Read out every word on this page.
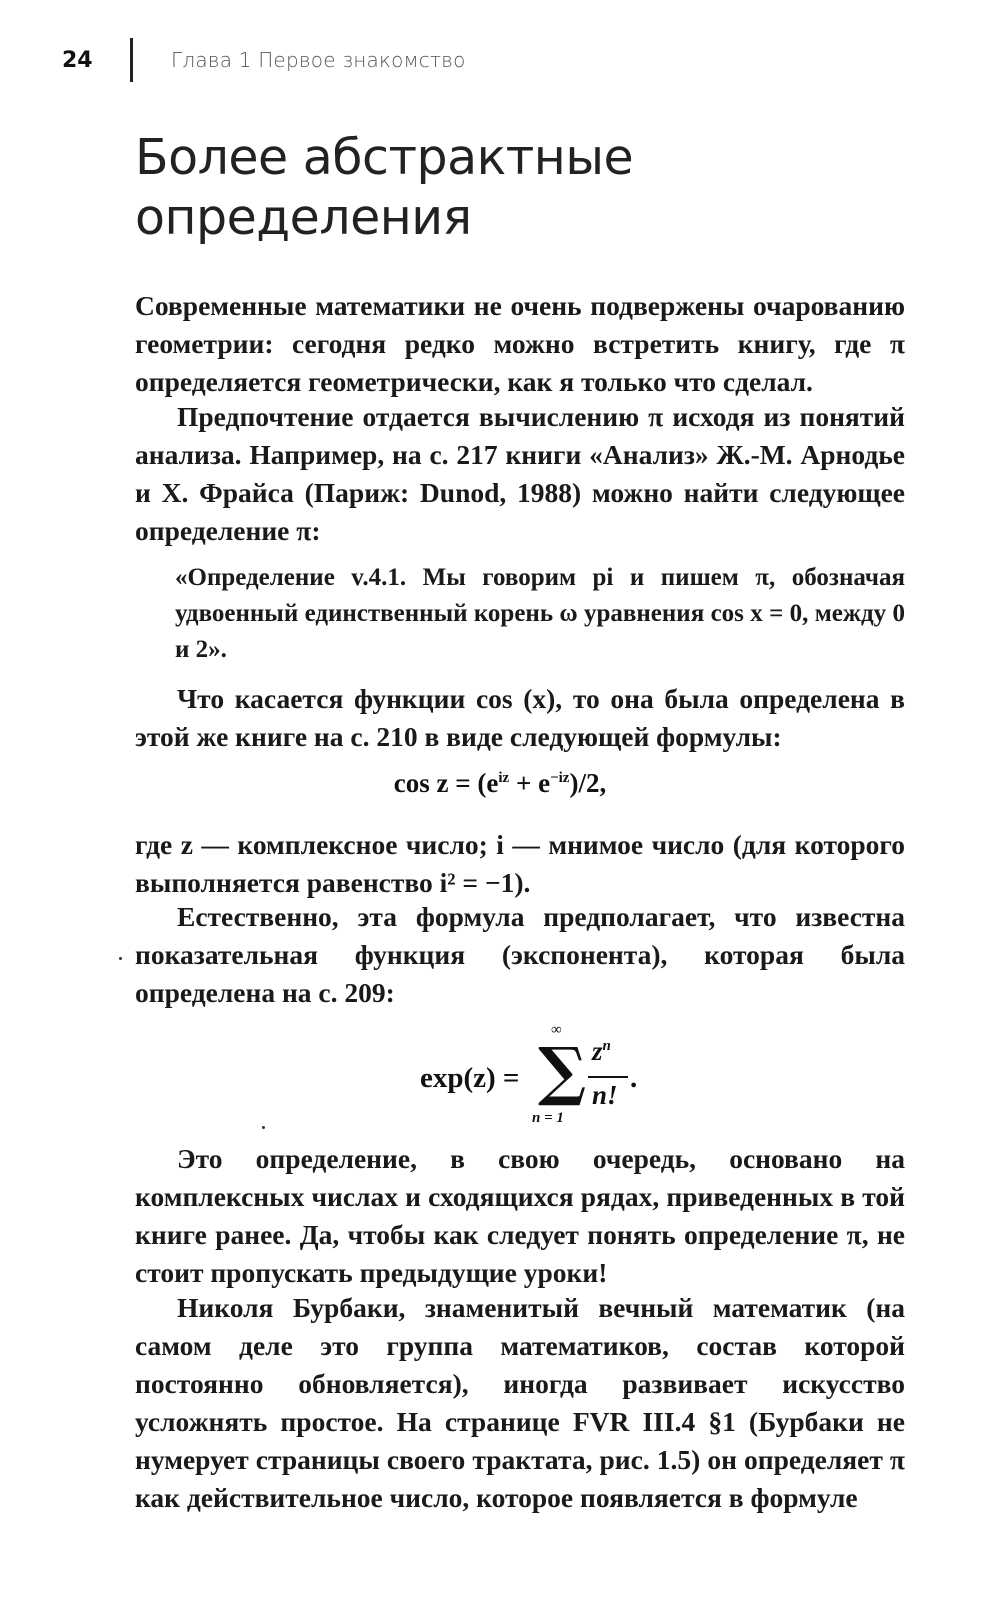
24	Глава 1 Первое знакомство
Более абстрактные
определения

Современные математики не очень подвержены очарованию геометрии: сегодня редко можно встретить книгу, где π определяется геометрически, как я только что сделал.

Предпочтение отдается вычислению π исходя из понятий анализа. Например, на с. 217 книги «Анализ» Ж.-М. Арнодье и X. Фрайса (Париж: Dunod, 1988) можно найти следующее определение π:

«Определение v.4.1. Мы говорим pi и пишем π, обозначая удвоенный единственный корень ω уравнения cos x = 0, между 0 и 2».

Что касается функции cos (x), то она была определена в этой же книге на с. 210 в виде следующей формулы:

$\cos z = (e^{iz} + e^{-iz})/2$,

где z — комплексное число; i — мнимое число (для которого выполняется равенство i² = −1).

Естественно, эта формула предполагает, что известна показательная функция (экспонента), которая была определена на с. 209:

exp(z) =
∞
∑
n = 1
$z^n$
n!
.

Это определение, в свою очередь, основано на комплексных числах и сходящихся рядах, приведенных в той книге ранее. Да, чтобы как следует понять определение π, не стоит пропускать предыдущие уроки!

Николя Бурбаки, знаменитый вечный математик (на самом деле это группа математиков, состав которой постоянно обновляется), иногда развивает искусство усложнять простое. На странице FVR III.4 §1 (Бурбаки не нумерует страницы своего трактата, рис. 1.5) он определяет π как действительное число, которое появляется в формуле
